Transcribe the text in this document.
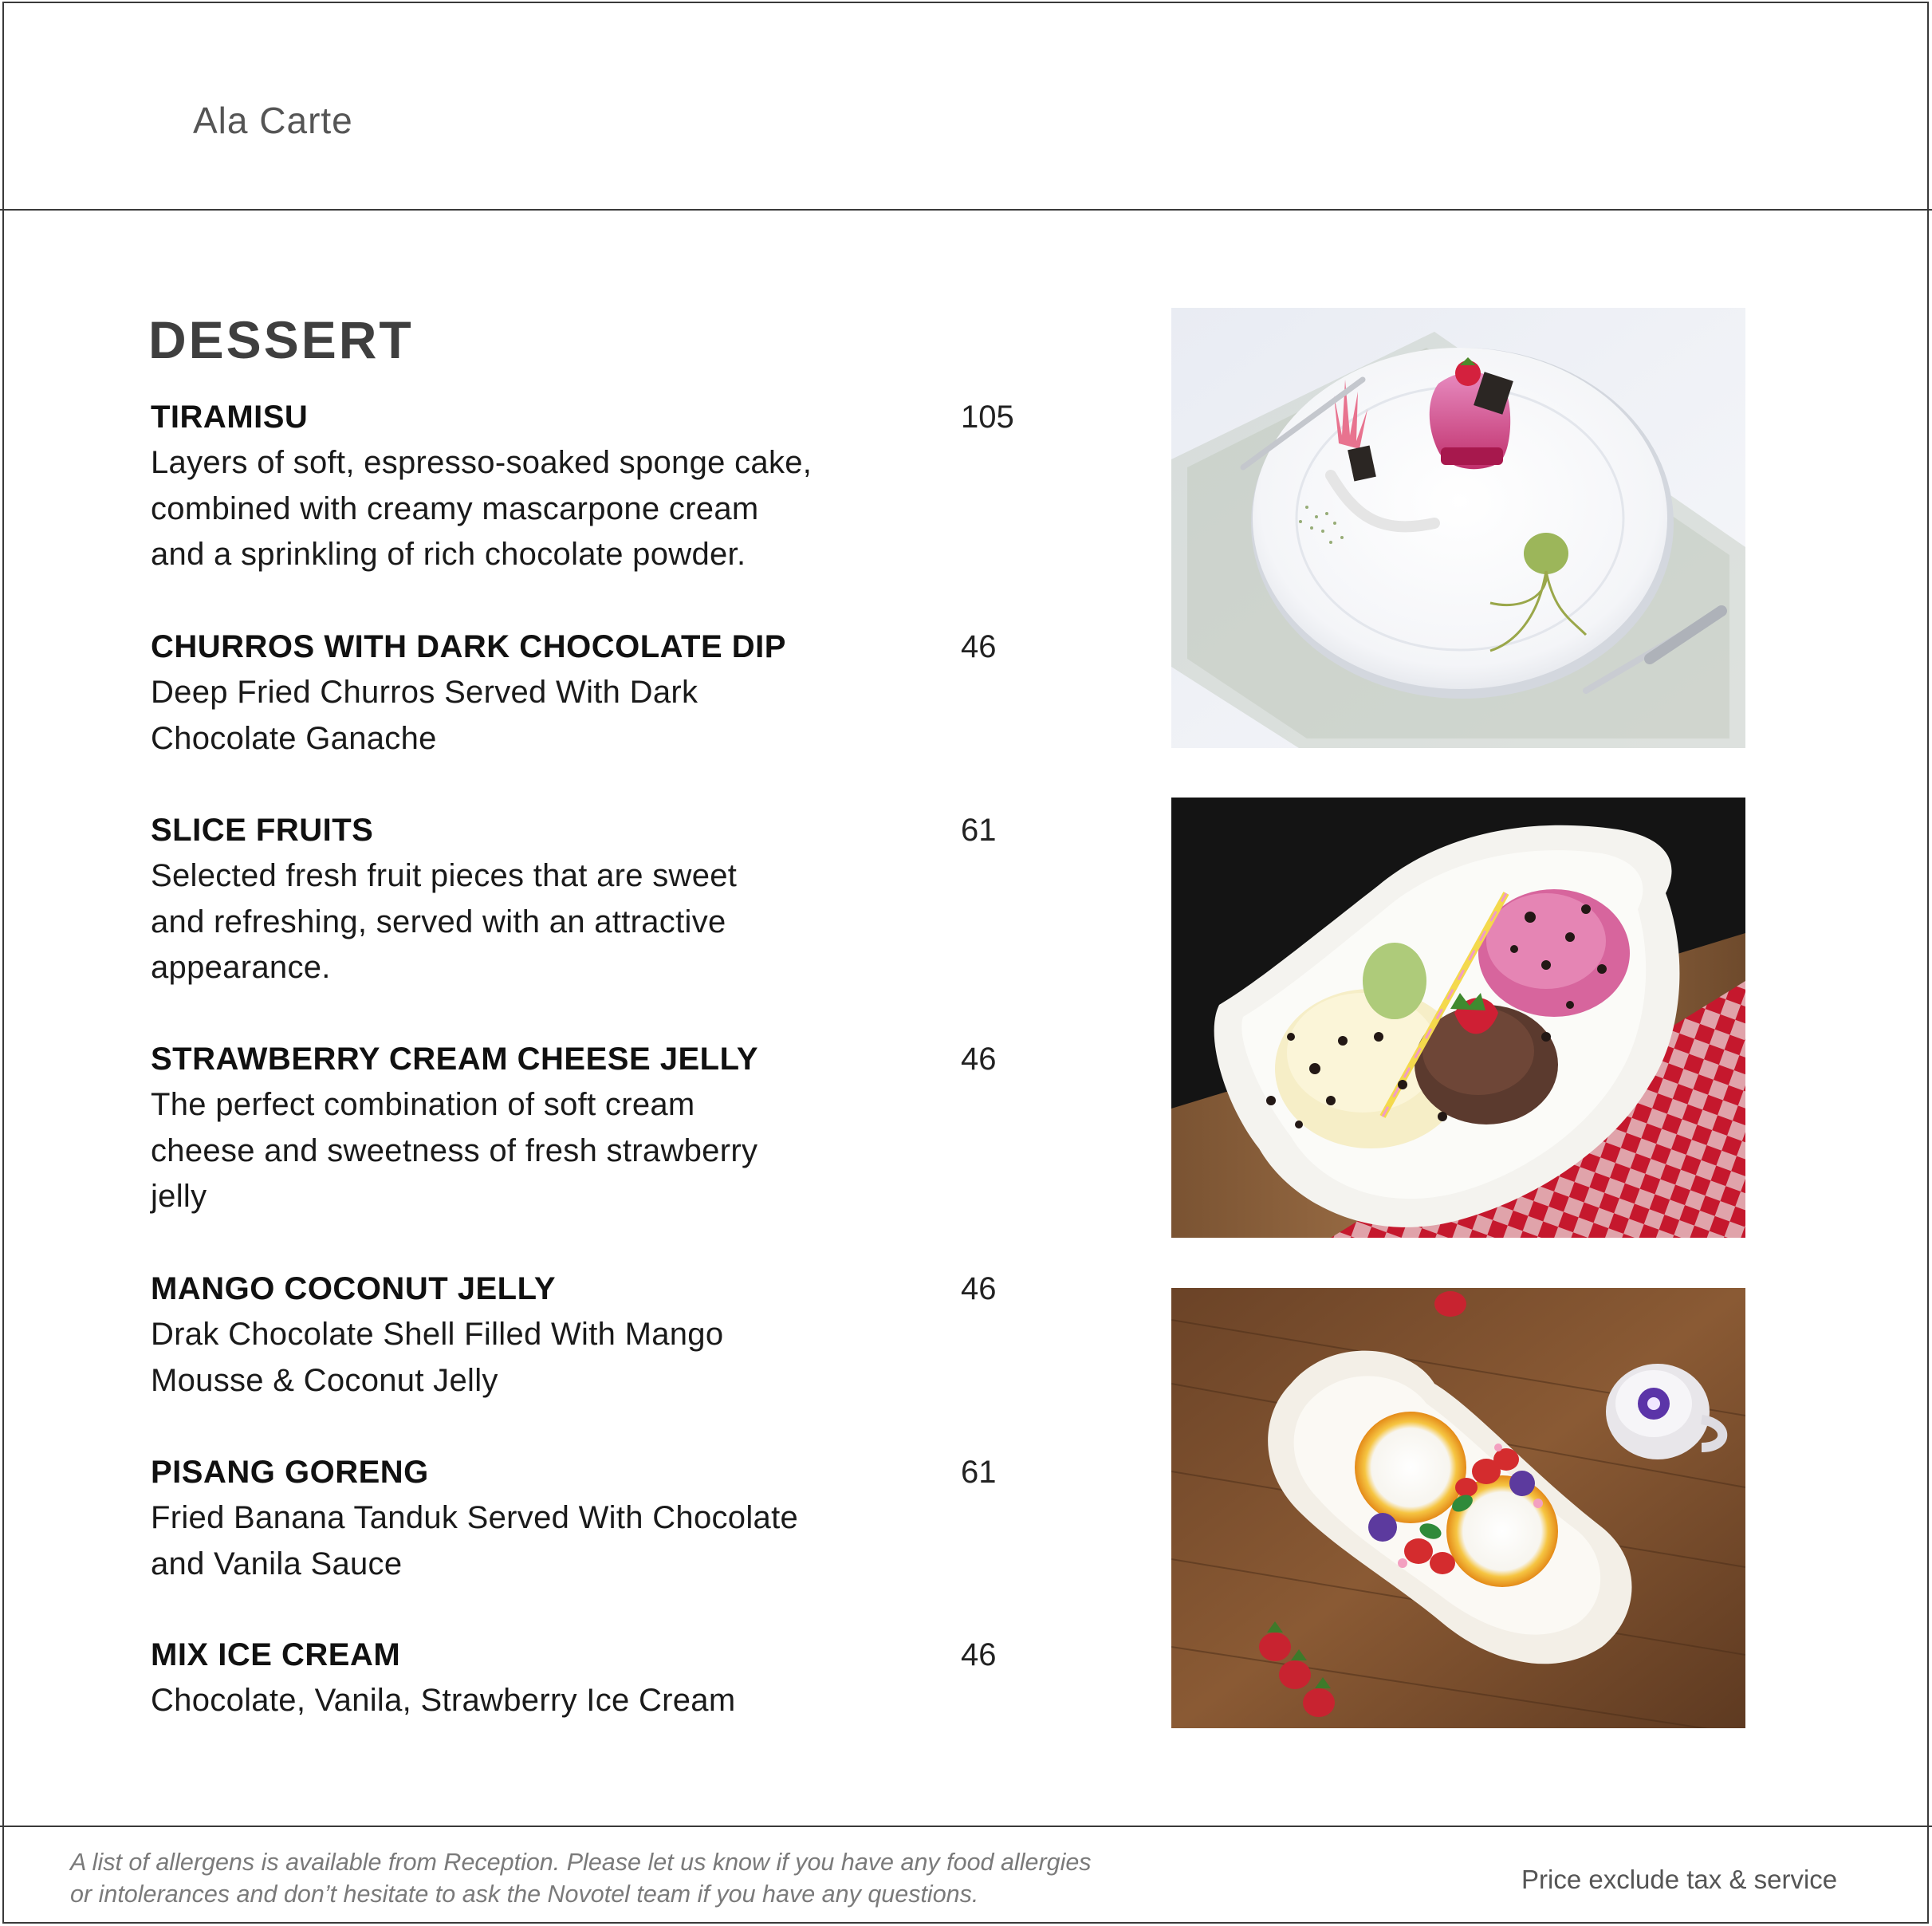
Ala Carte
DESSERT
TIRAMISU
Layers of soft, espresso-soaked sponge cake,
combined with creamy mascarpone cream
and a sprinkling of rich chocolate powder.
105
CHURROS WITH DARK CHOCOLATE DIP
Deep Fried Churros Served With Dark
Chocolate Ganache
46
SLICE FRUITS
Selected fresh fruit pieces that are sweet
and refreshing, served with an attractive
appearance.
61
STRAWBERRY CREAM CHEESE JELLY
The perfect combination of soft cream
cheese and sweetness of fresh strawberry
jelly
46
MANGO COCONUT JELLY
Drak Chocolate Shell Filled With Mango
Mousse & Coconut Jelly
46
PISANG GORENG
Fried Banana Tanduk Served With Chocolate
and Vanila Sauce
61
MIX ICE CREAM
Chocolate, Vanila, Strawberry Ice Cream
46
A list of allergens is available from Reception. Please let us know if you have any food allergies
or intolerances and don’t hesitate to ask the Novotel team if you have any questions.	Price exclude tax & service
